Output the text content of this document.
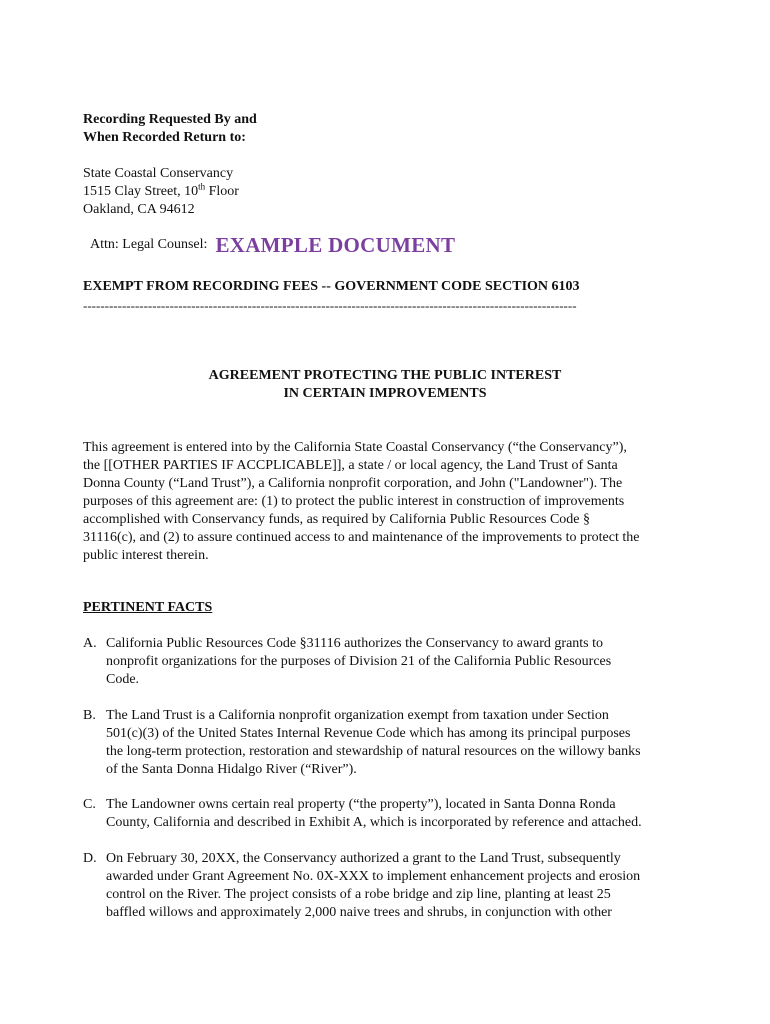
Recording Requested By and
When Recorded Return to:
State Coastal Conservancy
1515 Clay Street, 10th Floor
Oakland, CA 94612
Attn: Legal Counsel: EXAMPLE DOCUMENT
EXEMPT FROM RECORDING FEES -- GOVERNMENT CODE SECTION 6103
------------------------------------------------------------------------------------------------------------------
AGREEMENT PROTECTING THE PUBLIC INTEREST
IN CERTAIN IMPROVEMENTS
This agreement is entered into by the California State Coastal Conservancy (“the Conservancy”),
the [[OTHER PARTIES IF ACCPLICABLE]], a state / or local agency, the Land Trust of Santa
Donna County (“Land Trust”), a California nonprofit corporation, and John ("Landowner"). The
purposes of this agreement are: (1) to protect the public interest in construction of improvements
accomplished with Conservancy funds, as required by California Public Resources Code §
31116(c), and (2) to assure continued access to and maintenance of the improvements to protect the
public interest therein.
PERTINENT FACTS
A. California Public Resources Code §31116 authorizes the Conservancy to award grants to
nonprofit organizations for the purposes of Division 21 of the California Public Resources
Code.
B. The Land Trust is a California nonprofit organization exempt from taxation under Section
501(c)(3) of the United States Internal Revenue Code which has among its principal purposes
the long-term protection, restoration and stewardship of natural resources on the willowy banks
of the Santa Donna Hidalgo River (“River”).
C. The Landowner owns certain real property (“the property”), located in Santa Donna Ronda
County, California and described in Exhibit A, which is incorporated by reference and attached.
D. On February 30, 20XX, the Conservancy authorized a grant to the Land Trust, subsequently
awarded under Grant Agreement No. 0X-XXX to implement enhancement projects and erosion
control on the River. The project consists of a robe bridge and zip line, planting at least 25
baffled willows and approximately 2,000 naive trees and shrubs, in conjunction with other
